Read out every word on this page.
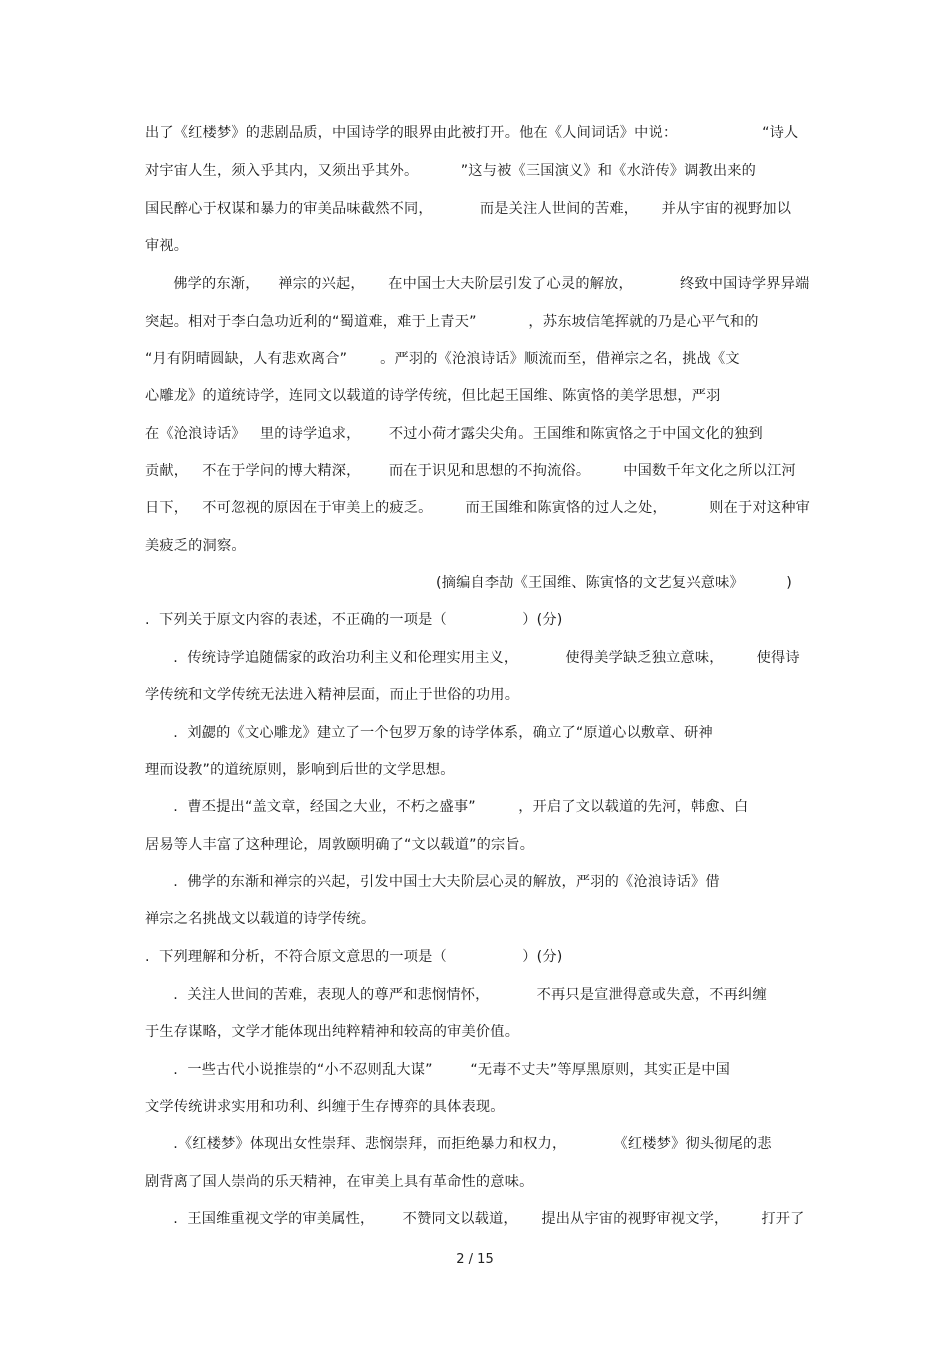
出了《红楼梦》的悲剧品质，中国诗学的眼界由此被打开。他在《人间词话》中说：                  “诗人
对宇宙人生，须入乎其内，又须出乎其外。         ”这与被《三国演义》和《水浒传》调教出来的
国民醉心于权谋和暴力的审美品味截然不同，          而是关注人世间的苦难，     并从宇宙的视野加以
审视。
佛学的东渐，    禅宗的兴起，     在中国士大夫阶层引发了心灵的解放，          终致中国诗学界异端
突起。相对于李白急功近利的“蜀道难，难于上青天”           ，苏东坡信笔挥就的乃是心平气和的
“月有阴晴圆缺，人有悲欢离合”       。严羽的《沧浪诗话》顺流而至，借禅宗之名，挑战《文
心雕龙》的道统诗学，连同文以载道的诗学传统，但比起王国维、陈寅恪的美学思想，严羽
在《沧浪诗话》   里的诗学追求，      不过小荷才露尖尖角。王国维和陈寅恪之于中国文化的独到
贡献，   不在于学问的博大精深，      而在于识见和思想的不拘流俗。       中国数千年文化之所以江河
日下，   不可忽视的原因在于审美上的疲乏。       而王国维和陈寅恪的过人之处，         则在于对这种审
美疲乏的洞察。
(摘编自李劼《王国维、陈寅恪的文艺复兴意味》         )
.  下列关于原文内容的表述，不正确的一项是（                ）(分)
.  传统诗学追随儒家的政治功利主义和伦理实用主义，          使得美学缺乏独立意味，       使得诗
学传统和文学传统无法进入精神层面，而止于世俗的功用。
.  刘勰的《文心雕龙》建立了一个包罗万象的诗学体系，确立了“原道心以敷章、研神
理而设教”的道统原则，影响到后世的文学思想。
.  曹丕提出“盖文章，经国之大业，不朽之盛事”         ，开启了文以载道的先河，韩愈、白
居易等人丰富了这种理论，周敦颐明确了“文以载道”的宗旨。
.  佛学的东渐和禅宗的兴起，引发中国士大夫阶层心灵的解放，严羽的《沧浪诗话》借
禅宗之名挑战文以载道的诗学传统。
.  下列理解和分析，不符合原文意思的一项是（                ）(分)
.  关注人世间的苦难，表现人的尊严和悲悯情怀，          不再只是宣泄得意或失意，不再纠缠
于生存谋略，文学才能体现出纯粹精神和较高的审美价值。
.  一些古代小说推崇的“小不忍则乱大谋”        “无毒不丈夫”等厚黑原则，其实正是中国
文学传统讲求实用和功利、纠缠于生存博弈的具体表现。
.《红楼梦》体现出女性崇拜、悲悯崇拜，而拒绝暴力和权力，          《红楼梦》彻头彻尾的悲
剧背离了国人崇尚的乐天精神，在审美上具有革命性的意味。
.  王国维重视文学的审美属性，      不赞同文以载道，     提出从宇宙的视野审视文学，       打开了
2 / 15
